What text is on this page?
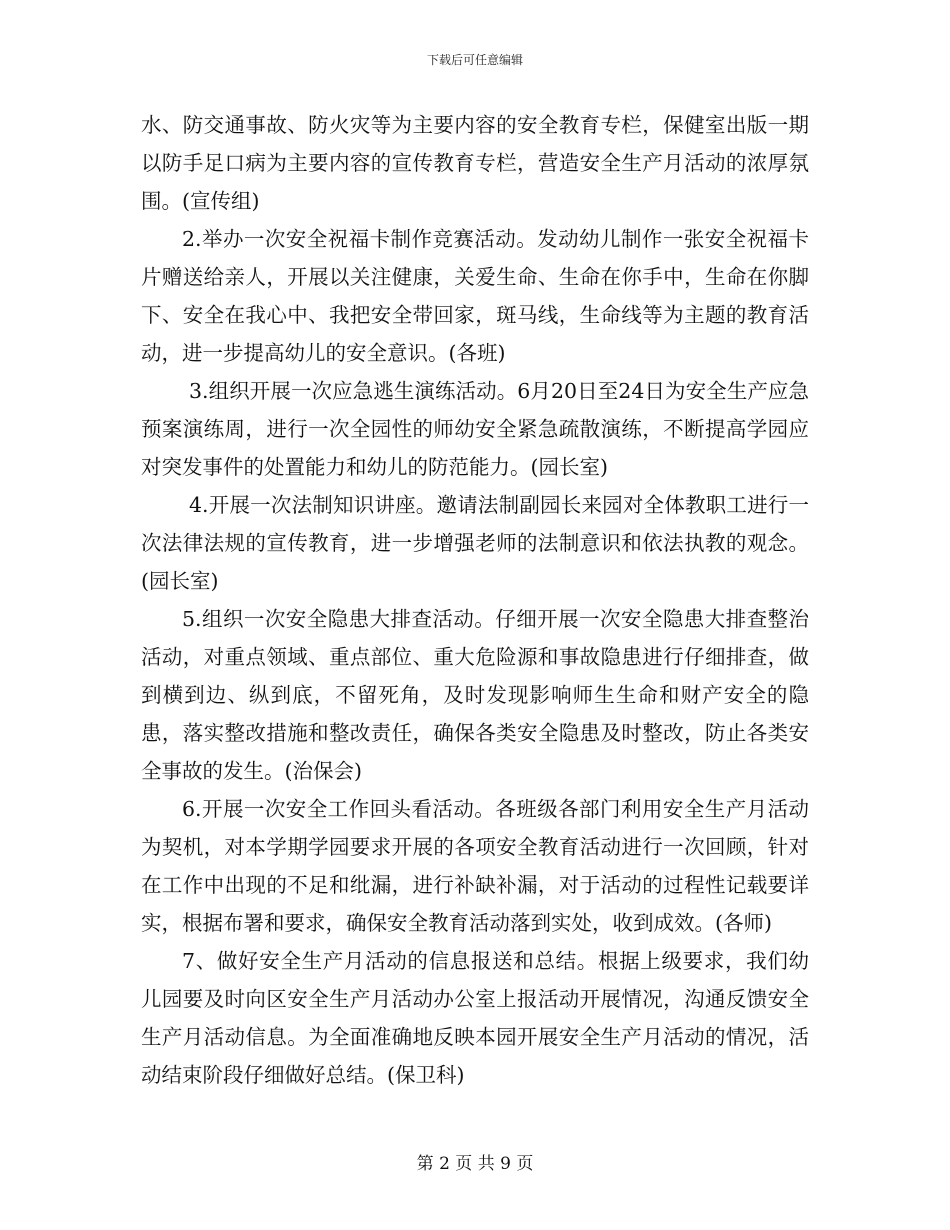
下载后可任意编辑

水、防交通事故、防火灾等为主要内容的安全教育专栏，保健室出版一期以防手足口病为主要内容的宣传教育专栏，营造安全生产月活动的浓厚氛围。(宣传组)

2.举办一次安全祝福卡制作竞赛活动。发动幼儿制作一张安全祝福卡片赠送给亲人，开展以关注健康，关爱生命、生命在你手中，生命在你脚下、安全在我心中、我把安全带回家，斑马线，生命线等为主题的教育活动，进一步提高幼儿的安全意识。(各班)

3.组织开展一次应急逃生演练活动。6月20日至24日为安全生产应急预案演练周，进行一次全园性的师幼安全紧急疏散演练，不断提高学园应对突发事件的处置能力和幼儿的防范能力。(园长室)

4.开展一次法制知识讲座。邀请法制副园长来园对全体教职工进行一次法律法规的宣传教育，进一步增强老师的法制意识和依法执教的观念。(园长室)

5.组织一次安全隐患大排查活动。仔细开展一次安全隐患大排查整治活动，对重点领域、重点部位、重大危险源和事故隐患进行仔细排查，做到横到边、纵到底，不留死角，及时发现影响师生生命和财产安全的隐患，落实整改措施和整改责任，确保各类安全隐患及时整改，防止各类安全事故的发生。(治保会)

6.开展一次安全工作回头看活动。各班级各部门利用安全生产月活动为契机，对本学期学园要求开展的各项安全教育活动进行一次回顾，针对在工作中出现的不足和纰漏，进行补缺补漏，对于活动的过程性记载要详实，根据布署和要求，确保安全教育活动落到实处，收到成效。(各师)

7、做好安全生产月活动的信息报送和总结。根据上级要求，我们幼儿园要及时向区安全生产月活动办公室上报活动开展情况，沟通反馈安全生产月活动信息。为全面准确地反映本园开展安全生产月活动的情况，活动结束阶段仔细做好总结。(保卫科)

第 2 页 共 9 页
